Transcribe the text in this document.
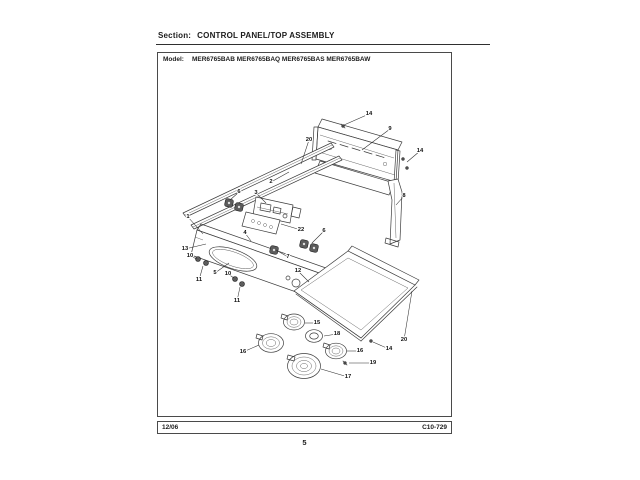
Section: CONTROL PANEL/TOP ASSEMBLY
Model: MER6765BAB MER6765BAQ MER6765BAS MER6765BAW
14
9
14
20
2
3
6
22
1
13
10
11
5 10
11
4
7
6
8
12
15
18
16	16
17
19
14
20
12/06	C10-729
5
